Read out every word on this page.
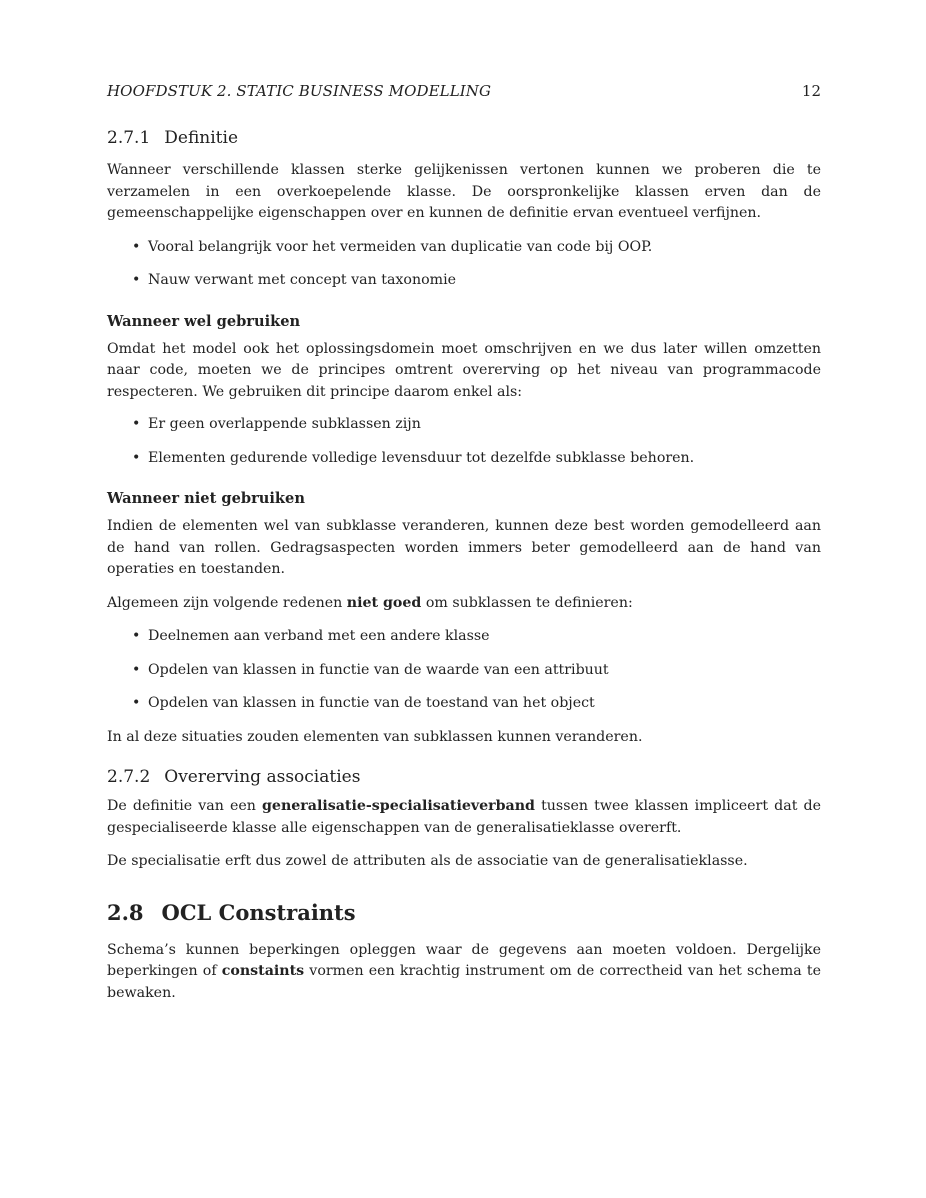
HOOFDSTUK 2. STATIC BUSINESS MODELLING	12
2.7.1 Definitie

Wanneer verschillende klassen sterke gelijkenissen vertonen kunnen we proberen die te verzamelen in een overkoepelende klasse. De oorspronkelijke klassen erven dan de gemeenschappelijke eigenschappen over en kunnen de definitie ervan eventueel verfijnen.

• Vooral belangrijk voor het vermeiden van duplicatie van code bij OOP.
• Nauw verwant met concept van taxonomie
Wanneer wel gebruiken

Omdat het model ook het oplossingsdomein moet omschrijven en we dus later willen omzetten naar code, moeten we de principes omtrent overerving op het niveau van programmacode respecteren. We gebruiken dit principe daarom enkel als:

• Er geen overlappende subklassen zijn
• Elementen gedurende volledige levensduur tot dezelfde subklasse behoren.
Wanneer niet gebruiken

Indien de elementen wel van subklasse veranderen, kunnen deze best worden gemodelleerd aan de hand van rollen. Gedragsaspecten worden immers beter gemodelleerd aan de hand van operaties en toestanden.

Algemeen zijn volgende redenen niet goed om subklassen te definieren:

• Deelnemen aan verband met een andere klasse
• Opdelen van klassen in functie van de waarde van een attribuut
• Opdelen van klassen in functie van de toestand van het object

In al deze situaties zouden elementen van subklassen kunnen veranderen.

2.7.2 Overerving associaties

De definitie van een generalisatie-specialisatieverband tussen twee klassen impliceert dat de gespecialiseerde klasse alle eigenschappen van de generalisatieklasse overerft.

De specialisatie erft dus zowel de attributen als de associatie van de generalisatieklasse.

2.8 OCL Constraints

Schema’s kunnen beperkingen opleggen waar de gegevens aan moeten voldoen. Dergelijke beperkingen of constaints vormen een krachtig instrument om de correctheid van het schema te bewaken.
